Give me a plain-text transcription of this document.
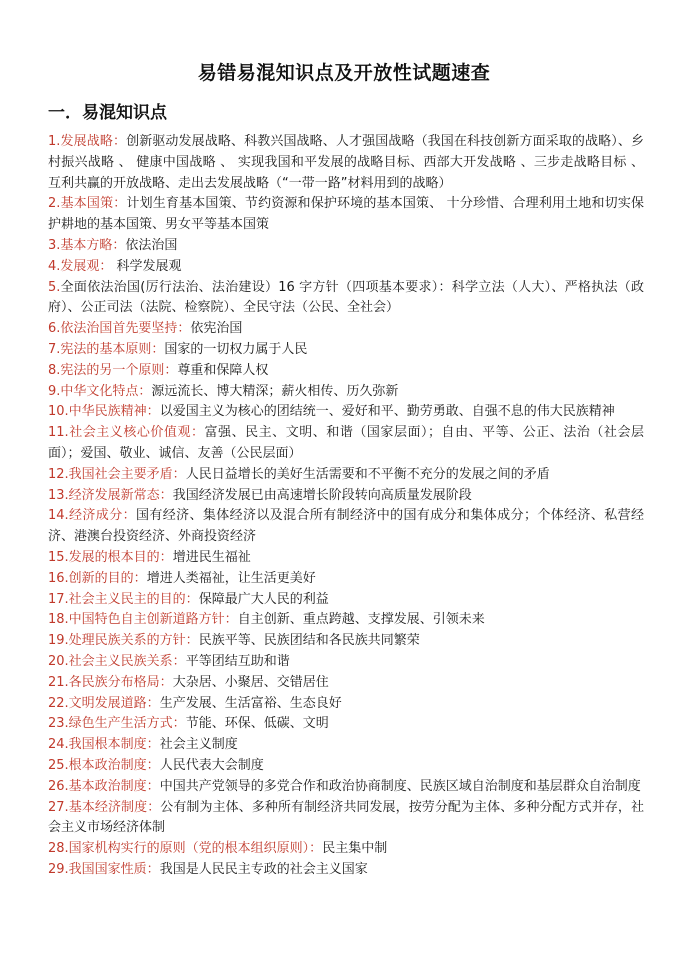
易错易混知识点及开放性试题速查
一．易混知识点

1.发展战略：创新驱动发展战略、科教兴国战略、人才强国战略（我国在科技创新方面采取的战略）、乡村振兴战略 、 健康中国战略 、 实现我国和平发展的战略目标、西部大开发战略 、三步走战略目标 、互利共赢的开放战略、走出去发展战略（“一带一路”材料用到的战略）

2.基本国策：计划生育基本国策、节约资源和保护环境的基本国策、 十分珍惜、合理利用土地和切实保护耕地的基本国策、男女平等基本国策

3.基本方略：依法治国

4.发展观： 科学发展观

5.全面依法治国(厉行法治、法治建设）16 字方针（四项基本要求）：科学立法（人大）、严格执法（政府）、公正司法（法院、检察院）、全民守法（公民、全社会）

6.依法治国首先要坚持：依宪治国

7.宪法的基本原则：国家的一切权力属于人民

8.宪法的另一个原则：尊重和保障人权

9.中华文化特点：源远流长、博大精深；薪火相传、历久弥新

10.中华民族精神：以爱国主义为核心的团结统一、爱好和平、勤劳勇敢、自强不息的伟大民族精神

11.社会主义核心价值观：富强、民主、文明、和谐（国家层面）；自由、平等、公正、法治（社会层面）；爱国、敬业、诚信、友善（公民层面）

12.我国社会主要矛盾：人民日益增长的美好生活需要和不平衡不充分的发展之间的矛盾

13.经济发展新常态：我国经济发展已由高速增长阶段转向高质量发展阶段

14.经济成分：国有经济、集体经济以及混合所有制经济中的国有成分和集体成分；个体经济、私营经济、港澳台投资经济、外商投资经济

15.发展的根本目的：增进民生福祉

16.创新的目的：增进人类福祉，让生活更美好

17.社会主义民主的目的：保障最广大人民的利益

18.中国特色自主创新道路方针：自主创新、重点跨越、支撑发展、引领未来

19.处理民族关系的方针：民族平等、民族团结和各民族共同繁荣

20.社会主义民族关系：平等团结互助和谐

21.各民族分布格局：大杂居、小聚居、交错居住

22.文明发展道路：生产发展、生活富裕、生态良好

23.绿色生产生活方式：节能、环保、低碳、文明

24.我国根本制度：社会主义制度

25.根本政治制度：人民代表大会制度

26.基本政治制度：中国共产党领导的多党合作和政治协商制度、民族区域自治制度和基层群众自治制度

27.基本经济制度：公有制为主体、多种所有制经济共同发展，按劳分配为主体、多种分配方式并存，社会主义市场经济体制

28.国家机构实行的原则（党的根本组织原则）：民主集中制

29.我国国家性质：我国是人民民主专政的社会主义国家
